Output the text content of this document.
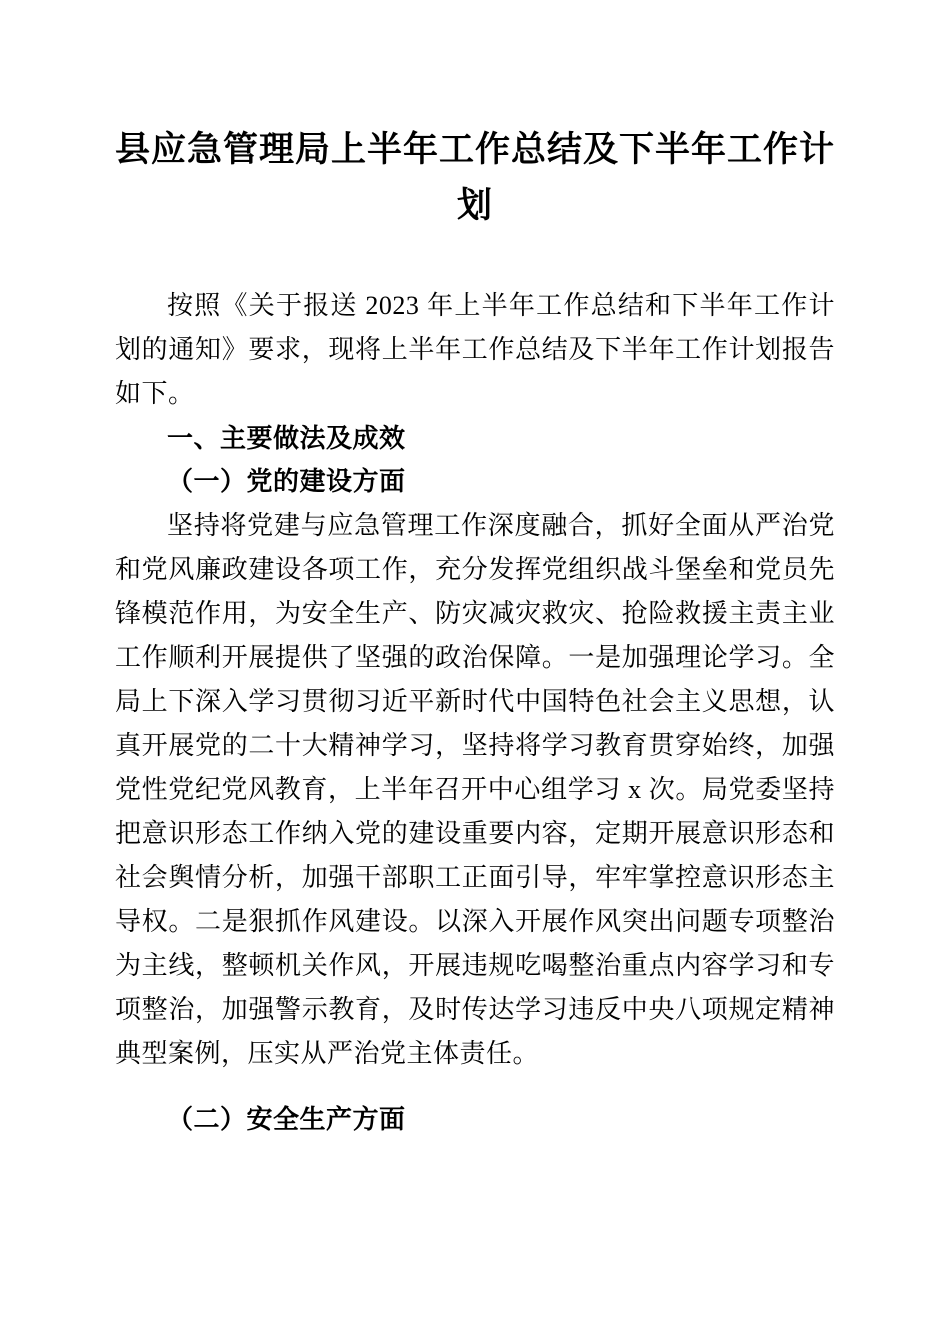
县应急管理局上半年工作总结及下半年工作计划

按照《关于报送 2023 年上半年工作总结和下半年工作计划的通知》要求，现将上半年工作总结及下半年工作计划报告如下。

一、主要做法及成效
（一）党的建设方面

坚持将党建与应急管理工作深度融合，抓好全面从严治党和党风廉政建设各项工作，充分发挥党组织战斗堡垒和党员先锋模范作用，为安全生产、防灾减灾救灾、抢险救援主责主业工作顺利开展提供了坚强的政治保障。一是加强理论学习。全局上下深入学习贯彻习近平新时代中国特色社会主义思想，认真开展党的二十大精神学习，坚持将学习教育贯穿始终，加强党性党纪党风教育，上半年召开中心组学习 x 次。局党委坚持把意识形态工作纳入党的建设重要内容，定期开展意识形态和社会舆情分析，加强干部职工正面引导，牢牢掌控意识形态主导权。二是狠抓作风建设。以深入开展作风突出问题专项整治为主线，整顿机关作风，开展违规吃喝整治重点内容学习和专项整治，加强警示教育，及时传达学习违反中央八项规定精神典型案例，压实从严治党主体责任。

（二）安全生产方面
